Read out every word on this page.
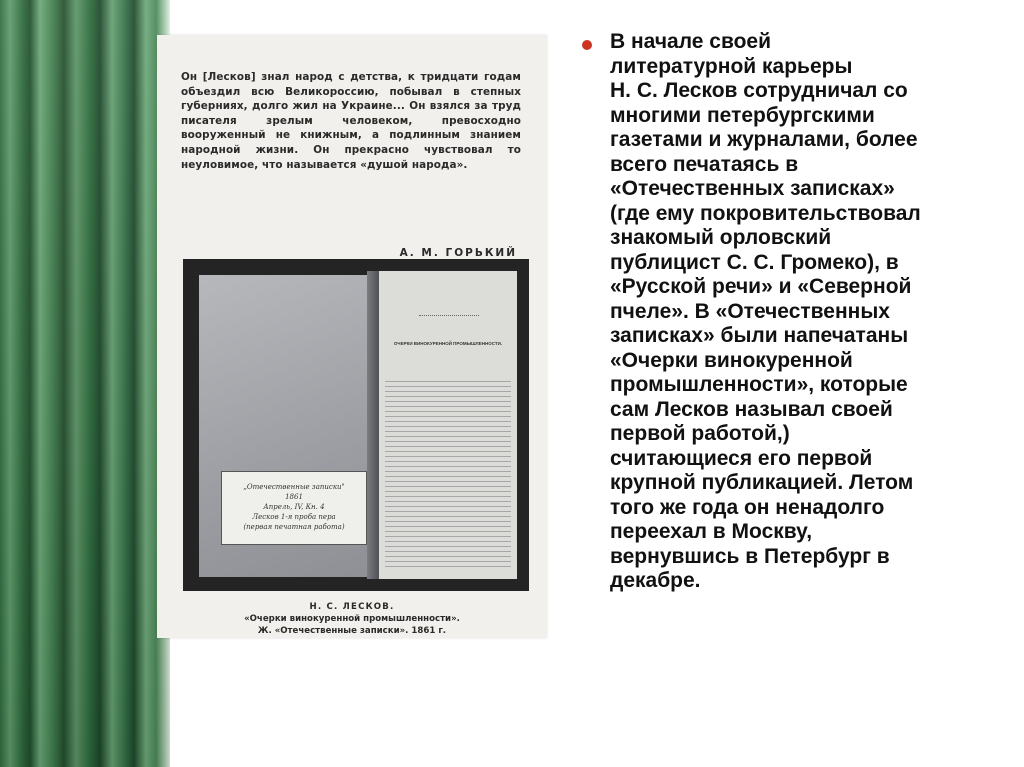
Он [Лесков] знал народ с детства, к тридцати годам объездил всю Великороссию, побывал в степных губерниях, долго жил на Украине... Он взялся за труд писателя зрелым человеком, превосходно вооруженный не книжным, а подлинным знанием народной жизни. Он прекрасно чувствовал то неуловимое, что называется «душой народа».
А. М. ГОРЬКИЙ
„Отечественные записки"
1861
Апрель, IV, Кн. 4
Лесков 1-я проба пера
(первая печатная работа)
ОЧЕРКИ ВИНОКУРЕННОЙ ПРОМЫШЛЕННОСТИ.
Н. С. ЛЕСКОВ.
«Очерки винокуренной промышленности».
Ж. «Отечественные записки». 1861 г.
В начале своей
литературной карьеры
Н. С. Лесков сотрудничал со
многими петербургскими
газетами и журналами, более
всего печатаясь в
«Отечественных записках»
(где ему покровительствовал
знакомый орловский
публицист С. С. Громеко), в
«Русской речи» и «Северной
пчеле». В «Отечественных
записках» были напечатаны
«Очерки винокуренной
промышленности», которые
сам Лесков называл своей
первой работой,)
считающиеся его первой
крупной публикацией. Летом
того же года он ненадолго
переехал в Москву,
вернувшись в Петербург в
декабре.
